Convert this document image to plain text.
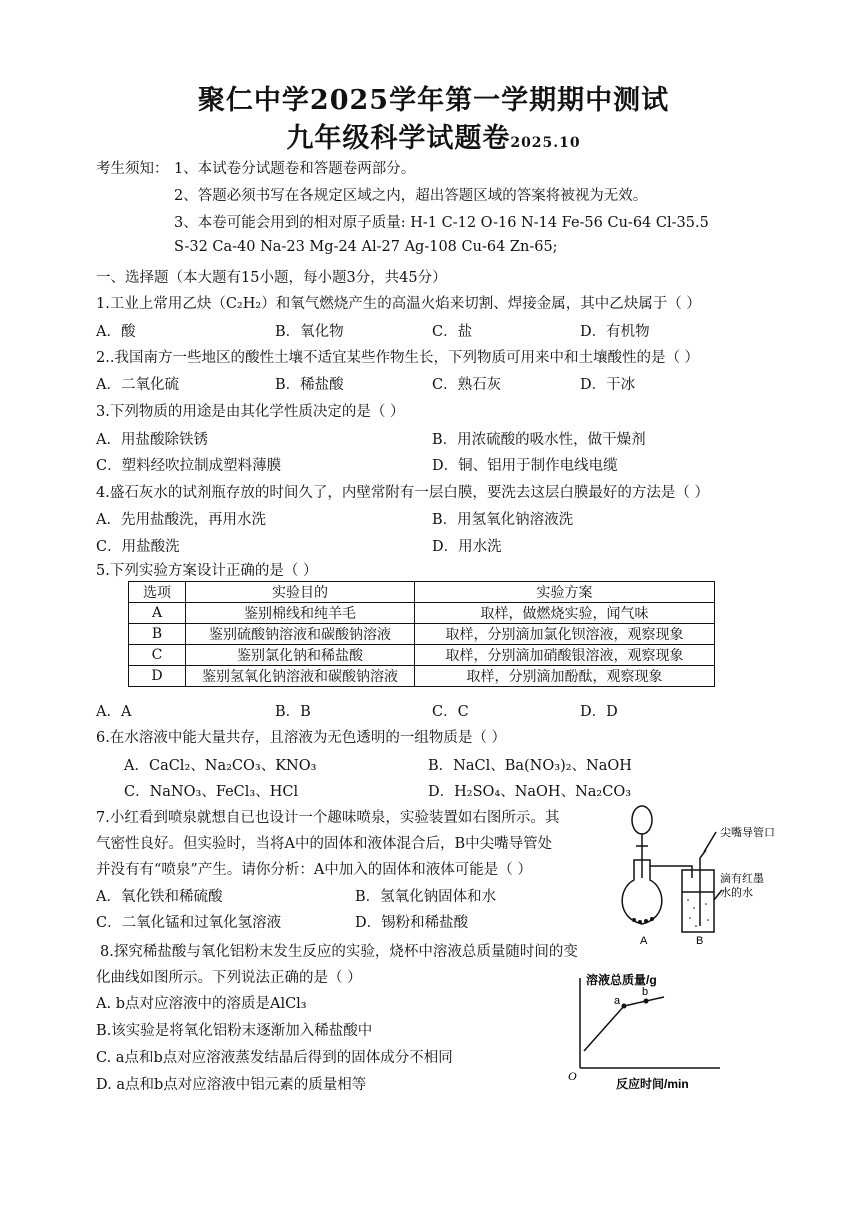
聚仁中学2025学年第一学期期中测试
九年级科学试题卷2025.10
考生须知： 1、本试卷分试题卷和答题卷两部分。
2、答题必须书写在各规定区域之内，超出答题区域的答案将被视为无效。
3、本卷可能会用到的相对原子质量: H-1 C-12 O-16 N-14 Fe-56 Cu-64 Cl-35.5
S-32 Ca-40 Na-23 Mg-24 Al-27 Ag-108 Cu-64 Zn-65;
一、选择题（本大题有15小题，每小题3分，共45分）
1.工业上常用乙炔（C₂H₂）和氧气燃烧产生的高温火焰来切割、焊接金属，其中乙炔属于（ ）
A．酸	B．氧化物	C．盐	D．有机物
2..我国南方一些地区的酸性土壤不适宜某些作物生长，下列物质可用来中和土壤酸性的是（ ）
A．二氧化硫	B．稀盐酸	C．熟石灰	D．干冰
3.下列物质的用途是由其化学性质决定的是（ ）
A．用盐酸除铁锈	B．用浓硫酸的吸水性，做干燥剂
C．塑料经吹拉制成塑料薄膜	D．铜、铝用于制作电线电缆
4.盛石灰水的试剂瓶存放的时间久了，内壁常附有一层白膜，要洗去这层白膜最好的方法是（ ）
A．先用盐酸洗，再用水洗	B．用氢氧化钠溶液洗
C．用盐酸洗	D．用水洗
5.下列实验方案设计正确的是（ ）
选项	实验目的	实验方案
A	鉴别棉线和纯羊毛	取样，做燃烧实验，闻气味
B	鉴别硫酸钠溶液和碳酸钠溶液	取样，分别滴加氯化钡溶液，观察现象
C	鉴别氯化钠和稀盐酸	取样，分别滴加硝酸银溶液，观察现象
D	鉴别氢氧化钠溶液和碳酸钠溶液	取样，分别滴加酚酞，观察现象
A．A	B．B	C．C	D．D
6.在水溶液中能大量共存，且溶液为无色透明的一组物质是（ ）
A．CaCl₂、Na₂CO₃、KNO₃	B．NaCl、Ba(NO₃)₂、NaOH
C．NaNO₃、FeCl₃、HCl	D．H₂SO₄、NaOH、Na₂CO₃
7.小红看到喷泉就想自已也设计一个趣味喷泉，实验装置如右图所示。其
气密性良好。但实验时，当将A中的固体和液体混合后，B中尖嘴导管处
并没有有“喷泉”产生。请你分析：A中加入的固体和液体可能是（ ）
A．氧化铁和稀硫酸	B．氢氧化钠固体和水
C．二氧化锰和过氧化氢溶液	D．锡粉和稀盐酸
尖嘴导管口
滴有红墨
水的水
A	B
8.探究稀盐酸与氧化铝粉末发生反应的实验，烧杯中溶液总质量随时间的变
化曲线如图所示。下列说法正确的是（ ）
A. b点对应溶液中的溶质是AlCl₃
B.该实验是将氧化铝粉末逐渐加入稀盐酸中
C. a点和b点对应溶液蒸发结晶后得到的固体成分不相同
D. a点和b点对应溶液中铝元素的质量相等
溶液总质量/g
反应时间/min
O
a
b
